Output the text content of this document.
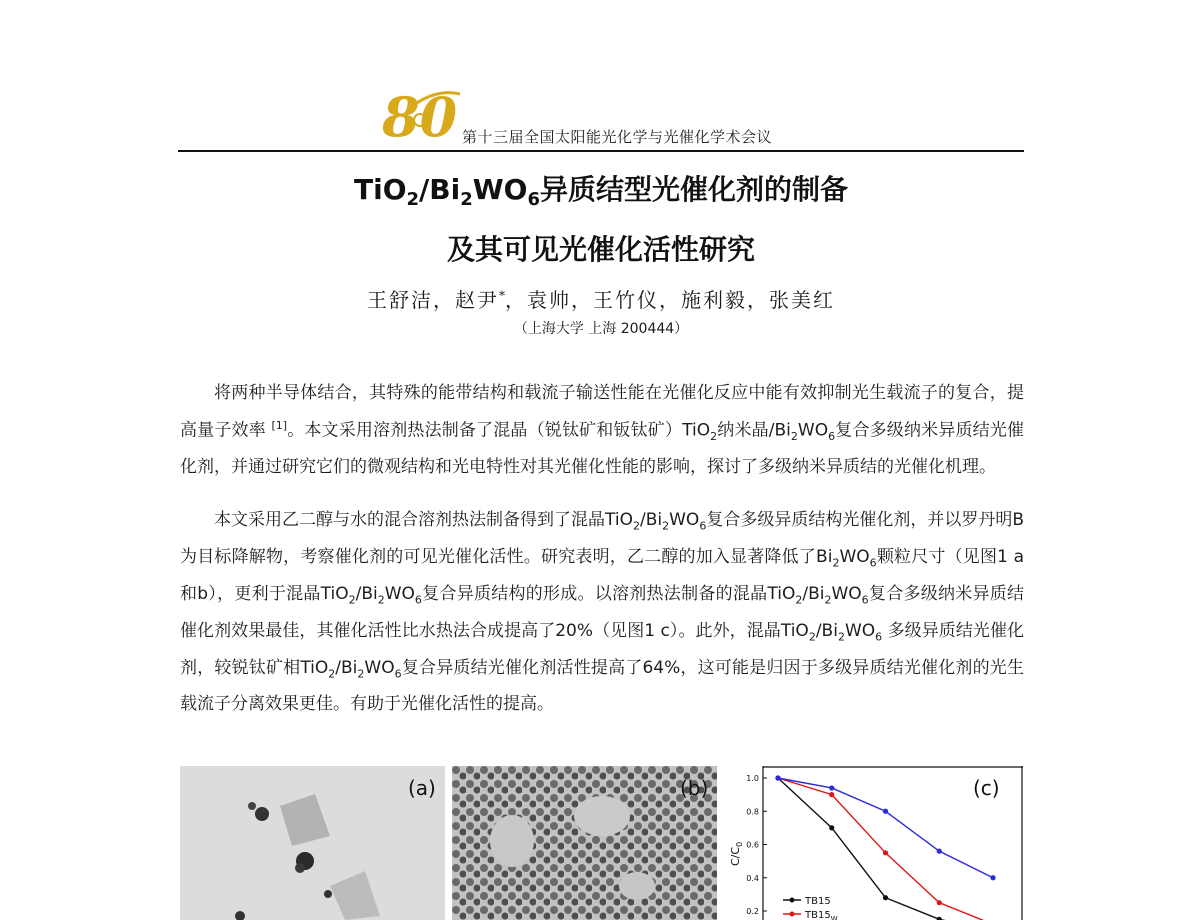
80 第十三届全国太阳能光化学与光催化学术会议
$TiO_2/Bi_2WO_6$异质结型光催化剂的制备
及其可见光催化活性研究
王舒洁，赵尹*，袁帅，王竹仪，施利毅，张美红
（上海大学 上海 200444）

将两种半导体结合，其特殊的能带结构和载流子输送性能在光催化反应中能有效抑制光生载流子的复合，提高量子效率 [1]。本文采用溶剂热法制备了混晶（锐钛矿和钣钛矿）TiO$_2$纳米晶$/Bi_2WO_6$复合多级纳米异质结光催化剂，并通过研究它们的微观结构和光电特性对其光催化性能的影响，探讨了多级纳米异质结的光催化机理。

本文采用乙二醇与水的混合溶剂热法制备得到了混晶$TiO_2/Bi_2WO_6$复合多级异质结构光催化剂，并以罗丹明B为目标降解物，考察催化剂的可见光催化活性。研究表明，乙二醇的加入显著降低了$Bi_2WO_6$颗粒尺寸（见图1 a和b），更利于混晶$TiO_2/Bi_2WO_6$复合异质结构的形成。以溶剂热法制备的混晶$TiO_2/Bi_2WO_6$复合多级纳米异质结催化剂效果最佳，其催化活性比水热法合成提高了20%（见图1 c）。此外，混晶$TiO_2/Bi_2WO_6$ 多级异质结光催化剂，较锐钛矿相$TiO_2/Bi_2WO_6$复合异质结光催化剂活性提高了64%，这可能是归因于多级异质结光催化剂的光生载流子分离效果更佳。有助于光催化活性的提高。

(a)	(b)
$C/C_0$
1.0
0.8
0.6
0.4
0.2
TB15
$TB15_W$
(c)
